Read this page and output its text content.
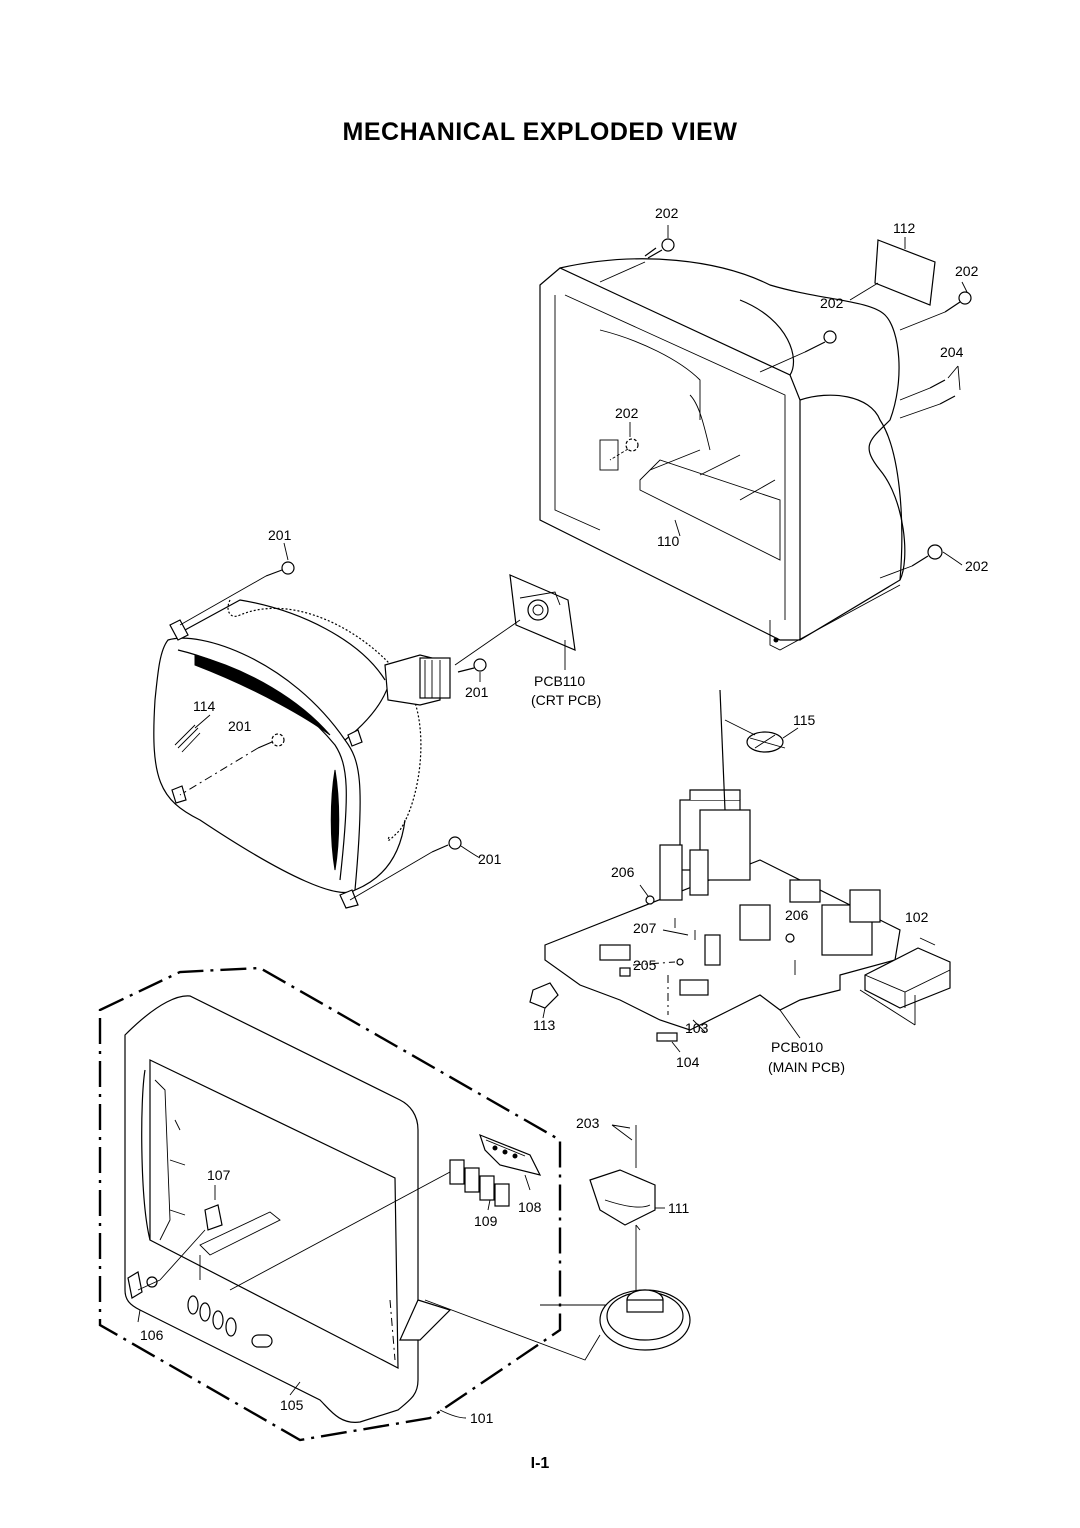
MECHANICAL EXPLODED VIEW
202
112
202
202
204
202
110
202
201
201
114
201
201
PCB110
(CRT PCB)
115
206
206
207
205
102
113	103
104
PCB010
(MAIN PCB)
203
107
108
109
111
106
105
101
I-1
